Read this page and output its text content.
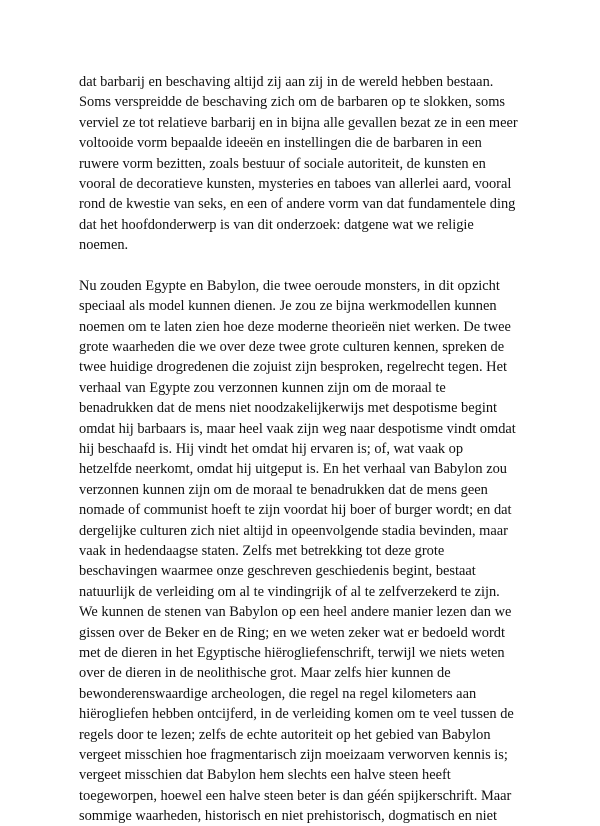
dat barbarij en beschaving altijd zij aan zij in de wereld hebben bestaan.
Soms verspreidde de beschaving zich om de barbaren op te slokken, soms
verviel ze tot relatieve barbarij en in bijna alle gevallen bezat ze in een meer
voltooide vorm bepaalde ideeën en instellingen die de barbaren in een
ruwere vorm bezitten, zoals bestuur of sociale autoriteit, de kunsten en
vooral de decoratieve kunsten, mysteries en taboes van allerlei aard, vooral
rond de kwestie van seks, en een of andere vorm van dat fundamentele ding
dat het hoofdonderwerp is van dit onderzoek: datgene wat we religie
noemen.
Nu zouden Egypte en Babylon, die twee oeroude monsters, in dit opzicht
speciaal als model kunnen dienen. Je zou ze bijna werkmodellen kunnen
noemen om te laten zien hoe deze moderne theorieën niet werken. De twee
grote waarheden die we over deze twee grote culturen kennen, spreken de
twee huidige drogredenen die zojuist zijn besproken, regelrecht tegen. Het
verhaal van Egypte zou verzonnen kunnen zijn om de moraal te
benadrukken dat de mens niet noodzakelijkerwijs met despotisme begint
omdat hij barbaars is, maar heel vaak zijn weg naar despotisme vindt omdat
hij beschaafd is. Hij vindt het omdat hij ervaren is; of, wat vaak op
hetzelfde neerkomt, omdat hij uitgeput is. En het verhaal van Babylon zou
verzonnen kunnen zijn om de moraal te benadrukken dat de mens geen
nomade of communist hoeft te zijn voordat hij boer of burger wordt; en dat
dergelijke culturen zich niet altijd in opeenvolgende stadia bevinden, maar
vaak in hedendaagse staten. Zelfs met betrekking tot deze grote
beschavingen waarmee onze geschreven geschiedenis begint, bestaat
natuurlijk de verleiding om al te vindingrijk of al te zelfverzekerd te zijn.
We kunnen de stenen van Babylon op een heel andere manier lezen dan we
gissen over de Beker en de Ring; en we weten zeker wat er bedoeld wordt
met de dieren in het Egyptische hiërogliefenschrift, terwijl we niets weten
over de dieren in de neolithische grot. Maar zelfs hier kunnen de
bewonderenswaardige archeologen, die regel na regel kilometers aan
hiërogliefen hebben ontcijferd, in de verleiding komen om te veel tussen de
regels door te lezen; zelfs de echte autoriteit op het gebied van Babylon
vergeet misschien hoe fragmentarisch zijn moeizaam verworven kennis is;
vergeet misschien dat Babylon hem slechts een halve steen heeft
toegeworpen, hoewel een halve steen beter is dan géén spijkerschrift. Maar
sommige waarheden, historisch en niet prehistorisch, dogmatisch en niet
